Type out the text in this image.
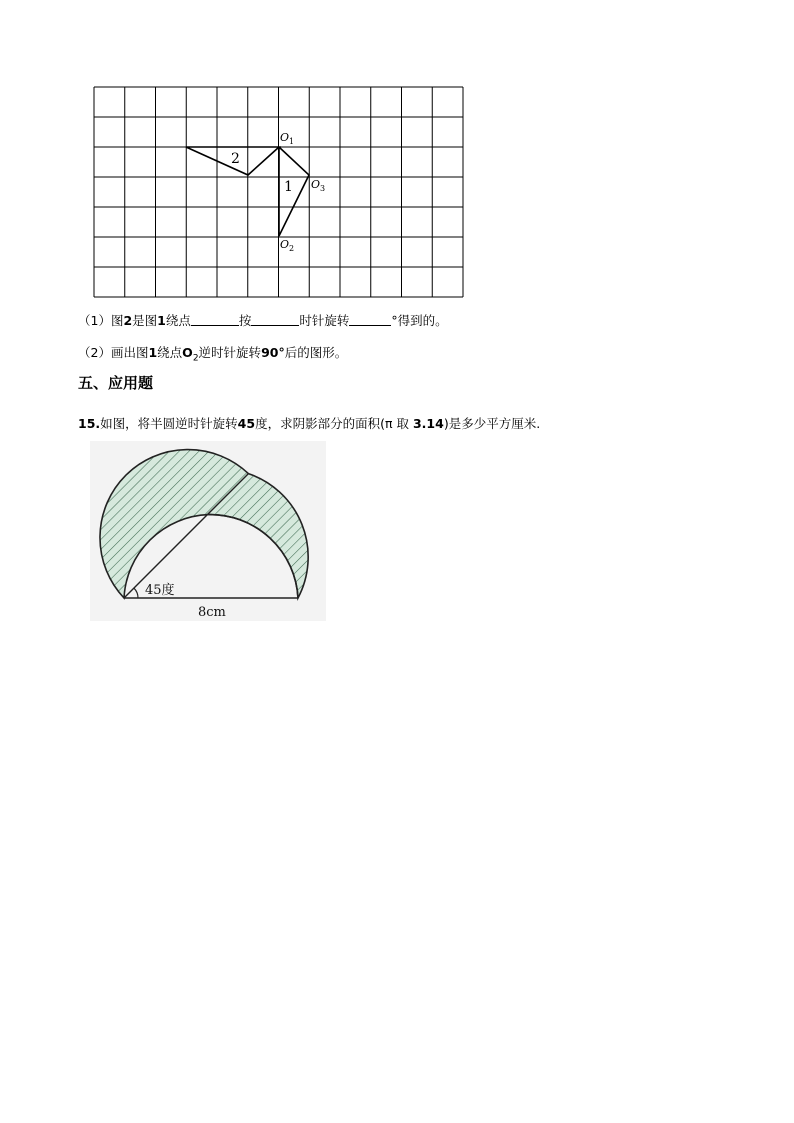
$O_1$
$O_3$
$O_2$
2
1
（1）图2是图1绕点	按	时针旋转	°得到的。
（2）画出图1绕点$O_2$逆时针旋转90°后的图形。
五、应用题
15.如图，将半圆逆时针旋转45度，求阴影部分的面积(π 取 3.14)是多少平方厘米.
45度
8cm
